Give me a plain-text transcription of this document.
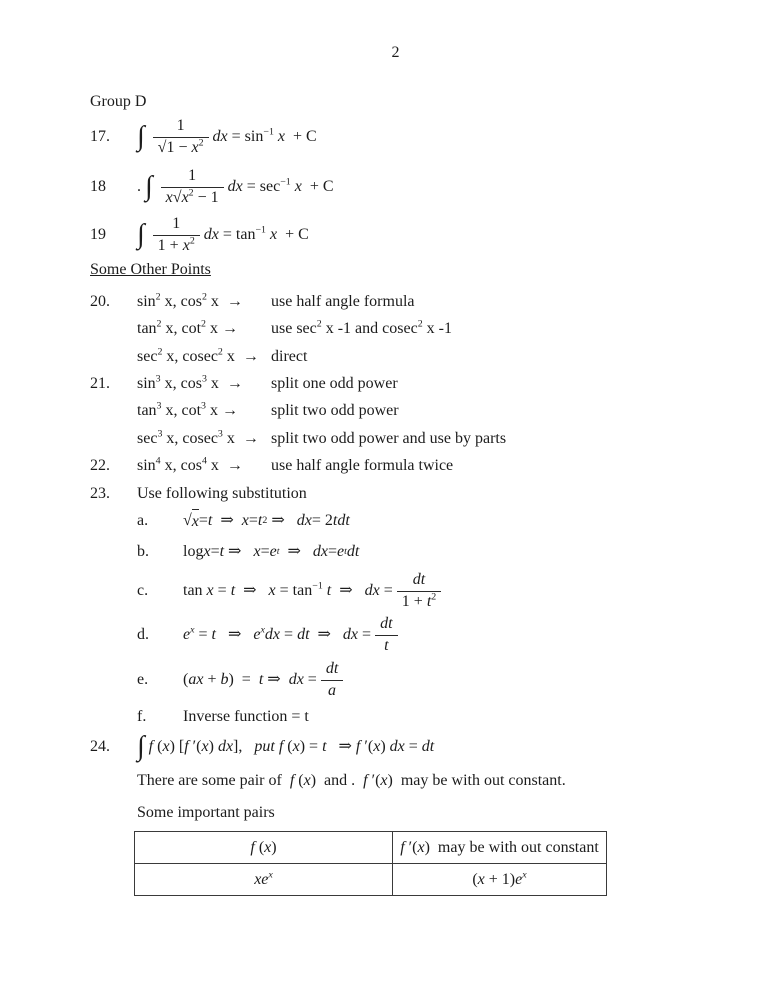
2
Group D
17. ∫ $\frac{1}{√1 - x^2}$ dx = $\sin^{-1} x + C$
18	. ∫ $\frac{1}{x√x^2 - 1}$ dx = $\sec^{-1} x + C$
19	∫ $\frac{1}{1 + x^2}$ dx = $\tan^{-1} x + C$
Some Other Points
20.	$\sin^2 x$, $\cos^2 x$  →	use half angle formula
$\tan^2 x$, $\cot^2 x$ →	use $\sec^2 x$ -1 and cosec$^2$ x -1
$\sec^2 x$, cosec$^2$ x  → direct
21.	$\sin^3 x$, $\cos^3 x$  →	split one odd power
$\tan^3 x$, $\cot^3 x$ →	split two odd power
$\sec^3 x$, cosec$^3$ x  → split two odd power and use by parts
22.	$\sin^4 x$, $\cos^4 x$  →	use half angle formula twice
23.	Use following substitution
a.	√ x = t ⇒ x = t 2 ⇒ dx = 2 tdt
b.	log x = t ⇒ x = e t ⇒ dx = e t dt
c.	tan x = t  ⇒   $x = \tan^{-1} t$  ⇒   dx = $\frac{dt}{1 + t^2}$
d.	$e^x = t$   ⇒   $e^xdx$ = dt  ⇒   dx = $\frac{dt}{t}$
e.	(ax + b)  =  t ⇒  dx = $\frac{dt}{a}$
f.	Inverse function = t
24. ∫ f (x) [f ′(x) dx],   put f (x) = t   ⇒ f ′(x) dx = dt
There are some pair of  f (x)  and .  f ′(x)  may be with out constant.
Some important pairs
f (x)	f ′(x)  may be with out constant
$xe^x$	$(x + 1)e^x$
